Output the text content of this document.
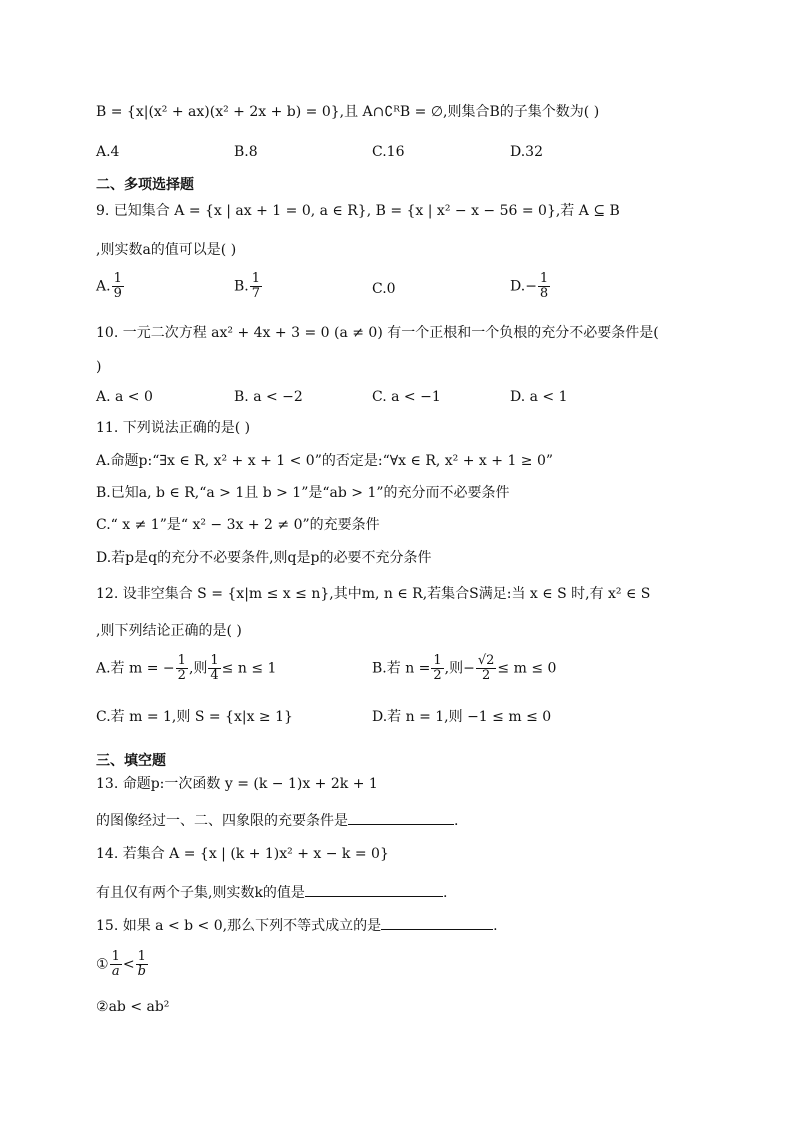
B = {x|(x² + ax)(x² + 2x + b) = 0},且 A∩∁ᴿB = ∅,则集合B的子集个数为( )
A.4	B.8	C.16	D.32
二、多项选择题
9. 已知集合 A = {x | ax + 1 = 0, a ∈ R}, B = {x | x² − x − 56 = 0},若 A ⊆ B
,则实数a的值可以是( )
A. $\frac{1}{9}$	B. $\frac{1}{7}$	C.0	$D.- \frac{1}{8}$
10. 一元二次方程 ax² + 4x + 3 = 0 (a ≠ 0) 有一个正根和一个负根的充分不必要条件是(
)
A. a < 0	B. a < −2	C. a < −1	D. a < 1
11. 下列说法正确的是( )
A.命题p:“∃x ∈ R, x² + x + 1 < 0”的否定是:“∀x ∈ R, x² + x + 1 ≥ 0”
B.已知a, b ∈ R,“a > 1且 b > 1”是“ab > 1”的充分而不必要条件
C.“ x ≠ 1”是“ x² − 3x + 2 ≠ 0”的充要条件
D.若p是q的充分不必要条件,则q是p的必要不充分条件
12. 设非空集合 S = {x|m ≤ x ≤ n},其中m, n ∈ R,若集合S满足:当 x ∈ S 时,有 x² ∈ S
,则下列结论正确的是( )
A.若 m = − $\frac{1}{2}$ ,则 $\frac{1}{4} \le n \le 1$	B.若 $n = \frac{1}{2}$ ,则− $\frac{√2}{2} \le m \le 0$
C.若 m = 1,则 S = {x|x ≥ 1}	D.若 n = 1,则 −1 ≤ m ≤ 0
三、填空题
13. 命题p:一次函数 y = (k − 1)x + 2k + 1
的图像经过一、二、四象限的充要条件是	.
14. 若集合 A = {x | (k + 1)x² + x − k = 0}
有且仅有两个子集,则实数k的值是	.
15. 如果 a < b < 0,那么下列不等式成立的是	.
① $\frac{1}{a} < \frac{1}{b}$
②ab < ab²
